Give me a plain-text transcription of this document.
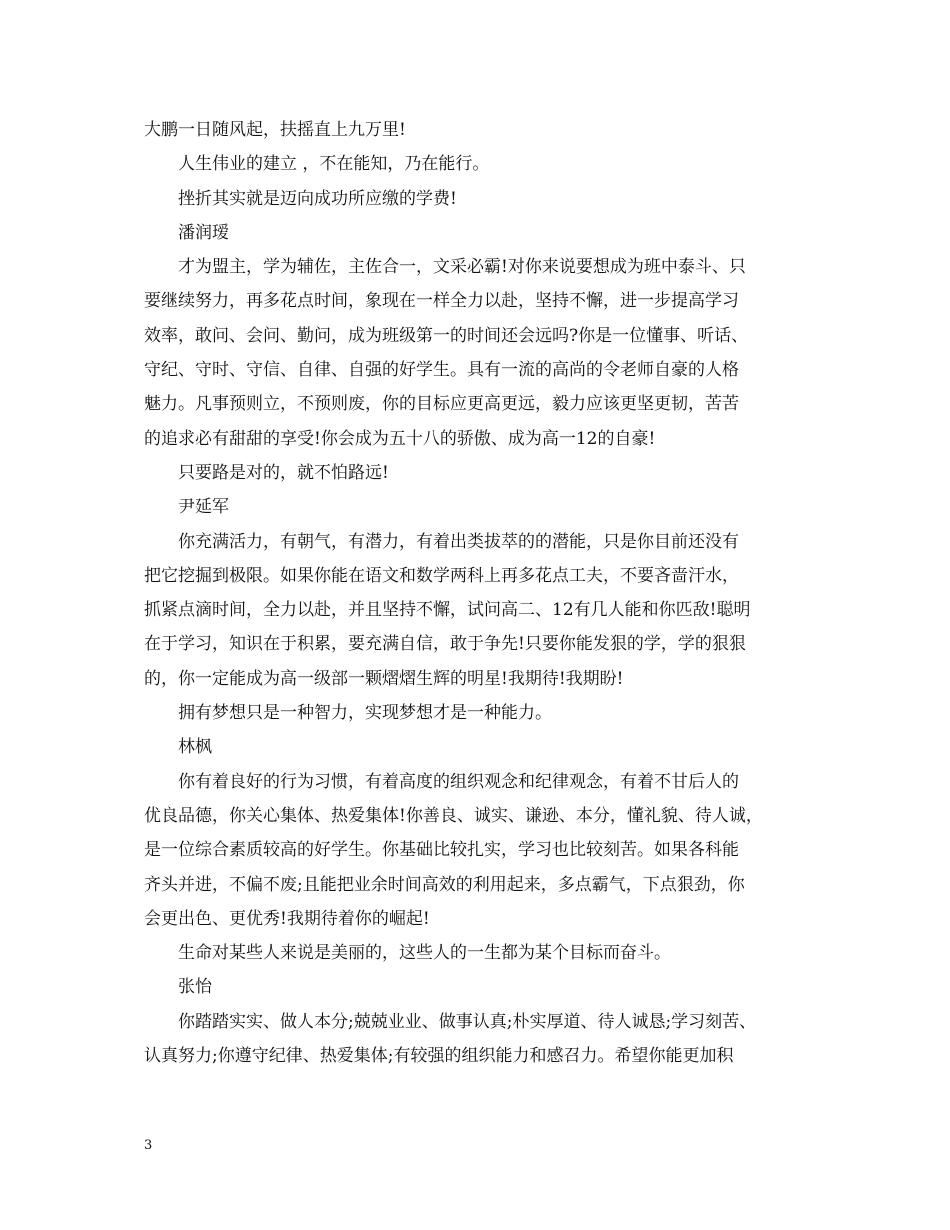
大鹏一日随风起，扶摇直上九万里!
人生伟业的建立 ，不在能知，乃在能行。
挫折其实就是迈向成功所应缴的学费!
潘润瑷
才为盟主，学为辅佐，主佐合一，文采必霸!对你来说要想成为班中泰斗、只
要继续努力，再多花点时间，象现在一样全力以赴，坚持不懈，进一步提高学习
效率，敢问、会问、勤问，成为班级第一的时间还会远吗?你是一位懂事、听话、
守纪、守时、守信、自律、自强的好学生。具有一流的高尚的令老师自豪的人格
魅力。凡事预则立，不预则废，你的目标应更高更远，毅力应该更坚更韧，苦苦
的追求必有甜甜的享受!你会成为五十八的骄傲、成为高一12的自豪!
只要路是对的，就不怕路远!
尹延军
你充满活力，有朝气，有潜力，有着出类拔萃的的潜能，只是你目前还没有
把它挖掘到极限。如果你能在语文和数学两科上再多花点工夫，不要吝啬汗水，
抓紧点滴时间，全力以赴，并且坚持不懈，试问高二、12有几人能和你匹敌!聪明
在于学习，知识在于积累，要充满自信，敢于争先!只要你能发狠的学，学的狠狠
的，你一定能成为高一级部一颗熠熠生辉的明星!我期待!我期盼!
拥有梦想只是一种智力，实现梦想才是一种能力。
林枫
你有着良好的行为习惯，有着高度的组织观念和纪律观念，有着不甘后人的
优良品德，你关心集体、热爱集体!你善良、诚实、谦逊、本分，懂礼貌、待人诚，
是一位综合素质较高的好学生。你基础比较扎实，学习也比较刻苦。如果各科能
齐头并进，不偏不废;且能把业余时间高效的利用起来，多点霸气，下点狠劲，你
会更出色、更优秀!我期待着你的崛起!
生命对某些人来说是美丽的，这些人的一生都为某个目标而奋斗。
张怡
你踏踏实实、做人本分;兢兢业业、做事认真;朴实厚道、待人诚恳;学习刻苦、
认真努力;你遵守纪律、热爱集体;有较强的组织能力和感召力。希望你能更加积
3
